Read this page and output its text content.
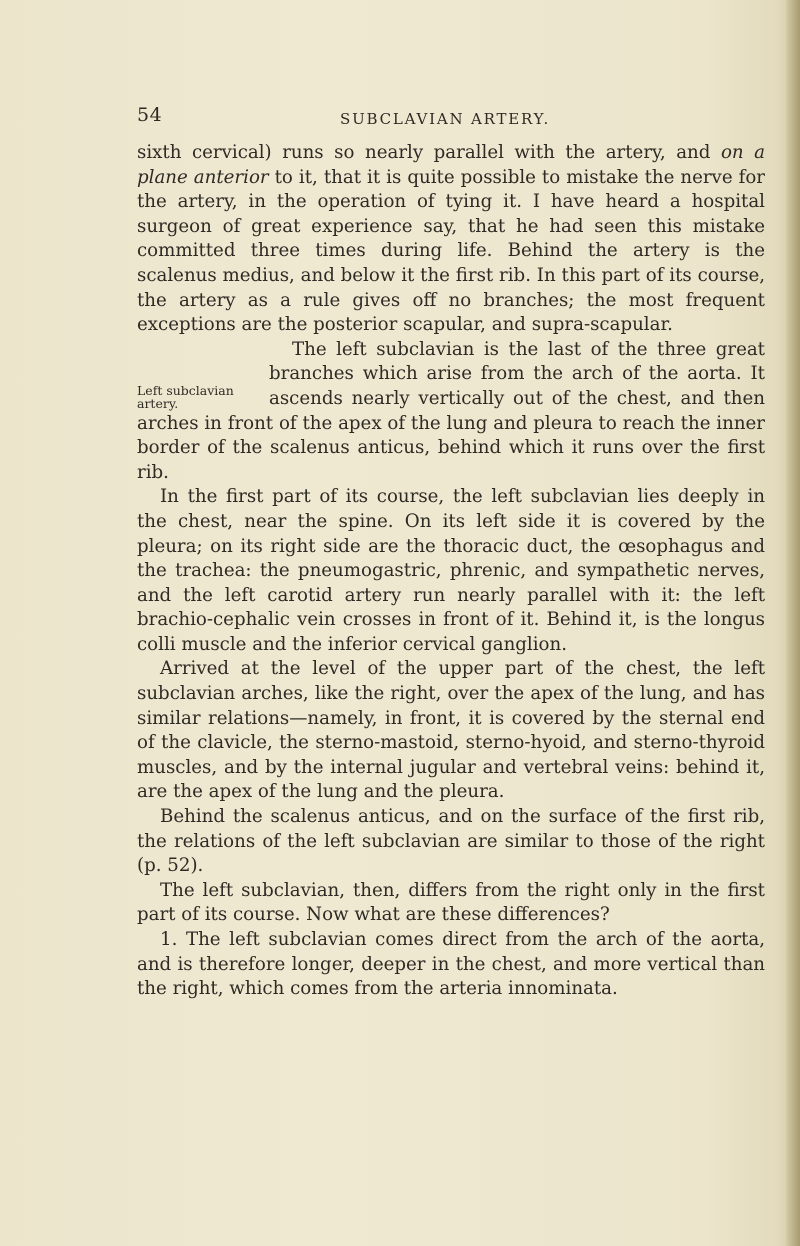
54	SUBCLAVIAN ARTERY.
Left subclavian artery.

sixth cervical) runs so nearly parallel with the artery, and on a plane anterior to it, that it is quite possible to mistake the nerve for the artery, in the operation of tying it. I have heard a hospital surgeon of great experience say, that he had seen this mistake committed three times during life. Behind the artery is the scalenus medius, and below it the first rib. In this part of its course, the artery as a rule gives off no branches; the most frequent exceptions are the posterior scapular, and supra-scapular.

The left subclavian is the last of the three great branches which arise from the arch of the aorta. It ascends nearly vertically out of the chest, and then arches in front of the apex of the lung and pleura to reach the inner border of the scalenus anticus, behind which it runs over the first rib.

In the first part of its course, the left subclavian lies deeply in the chest, near the spine. On its left side it is covered by the pleura; on its right side are the thoracic duct, the œsophagus and the trachea: the pneumogastric, phrenic, and sympathetic nerves, and the left carotid artery run nearly parallel with it: the left brachio-cephalic vein crosses in front of it. Behind it, is the longus colli muscle and the inferior cervical ganglion.

Arrived at the level of the upper part of the chest, the left subclavian arches, like the right, over the apex of the lung, and has similar relations—namely, in front, it is covered by the sternal end of the clavicle, the sterno-mastoid, sterno-hyoid, and sterno-thyroid muscles, and by the internal jugular and vertebral veins: behind it, are the apex of the lung and the pleura.

Behind the scalenus anticus, and on the surface of the first rib, the relations of the left subclavian are similar to those of the right (p. 52).

The left subclavian, then, differs from the right only in the first part of its course. Now what are these differences?

1. The left subclavian comes direct from the arch of the aorta, and is therefore longer, deeper in the chest, and more vertical than the right, which comes from the arteria innominata.
